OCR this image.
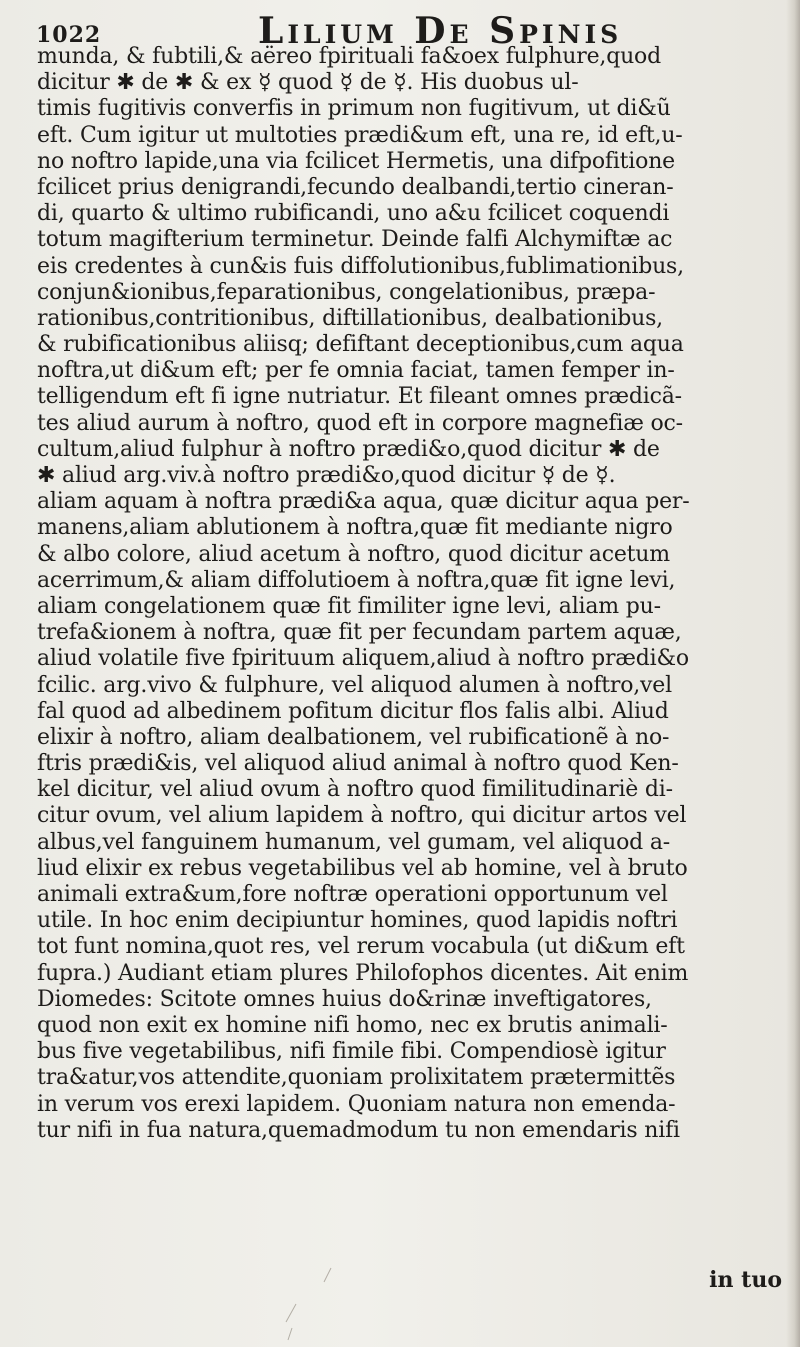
1022	Lilium De Spinis
munda, & fubtili,& aëreo fpirituali fa&oex fulphure,quod
dicitur ✱ de ✱ & ex ☿ quod ☿ de ☿. His duobus ul-
timis fugitivis converfis in primum non fugitivum, ut di&ũ
eft. Cum igitur ut multoties prædi&um eft, una re, id eft,u-
no noftro lapide,una via fcilicet Hermetis, una difpofitione
fcilicet prius denigrandi,fecundo dealbandi,tertio cineran-
di, quarto & ultimo rubificandi, uno a&u fcilicet coquendi
totum magifterium terminetur. Deinde falfi Alchymiftæ ac
eis credentes à cun&is fuis diffolutionibus,fublimationibus,
conjun&ionibus,feparationibus, congelationibus, præpa-
rationibus,contritionibus, diftillationibus, dealbationibus,
& rubificationibus aliisq; defiftant deceptionibus,cum aqua
noftra,ut di&um eft; per fe omnia faciat, tamen femper in-
telligendum eft fi igne nutriatur. Et fileant omnes prædicã-
tes aliud aurum à noftro, quod eft in corpore magnefiæ oc-
cultum,aliud fulphur à noftro prædi&o,quod dicitur ✱ de
✱ aliud arg.viv.à noftro prædi&o,quod dicitur ☿ de ☿.
aliam aquam à noftra prædi&a aqua, quæ dicitur aqua per-
manens,aliam ablutionem à noftra,quæ fit mediante nigro
& albo colore, aliud acetum à noftro, quod dicitur acetum
acerrimum,& aliam diffolutioem à noftra,quæ fit igne levi,
aliam congelationem quæ fit fimiliter igne levi, aliam pu-
trefa&ionem à noftra, quæ fit per fecundam partem aquæ,
aliud volatile five fpirituum aliquem,aliud à noftro prædi&o
fcilic. arg.vivo & fulphure, vel aliquod alumen à noftro,vel
fal quod ad albedinem pofitum dicitur flos falis albi. Aliud
elixir à noftro, aliam dealbationem, vel rubificationẽ à no-
ftris prædi&is, vel aliquod aliud animal à noftro quod Ken-
kel dicitur, vel aliud ovum à noftro quod fimilitudinariè di-
citur ovum, vel alium lapidem à noftro, qui dicitur artos vel
albus,vel fanguinem humanum, vel gumam, vel aliquod a-
liud elixir ex rebus vegetabilibus vel ab homine, vel à bruto
animali extra&um,fore noftræ operationi opportunum vel
utile. In hoc enim decipiuntur homines, quod lapidis noftri
tot funt nomina,quot res, vel rerum vocabula (ut di&um eft
fupra.) Audiant etiam plures Philofophos dicentes. Ait enim
Diomedes: Scitote omnes huius do&rinæ inveftigatores,
quod non exit ex homine nifi homo, nec ex brutis animali-
bus five vegetabilibus, nifi fimile fibi. Compendiosè igitur
tra&atur,vos attendite,quoniam prolixitatem prætermittẽs
in verum vos erexi lapidem. Quoniam natura non emenda-
tur nifi in fua natura,quemadmodum tu non emendaris nifi
in tuo
